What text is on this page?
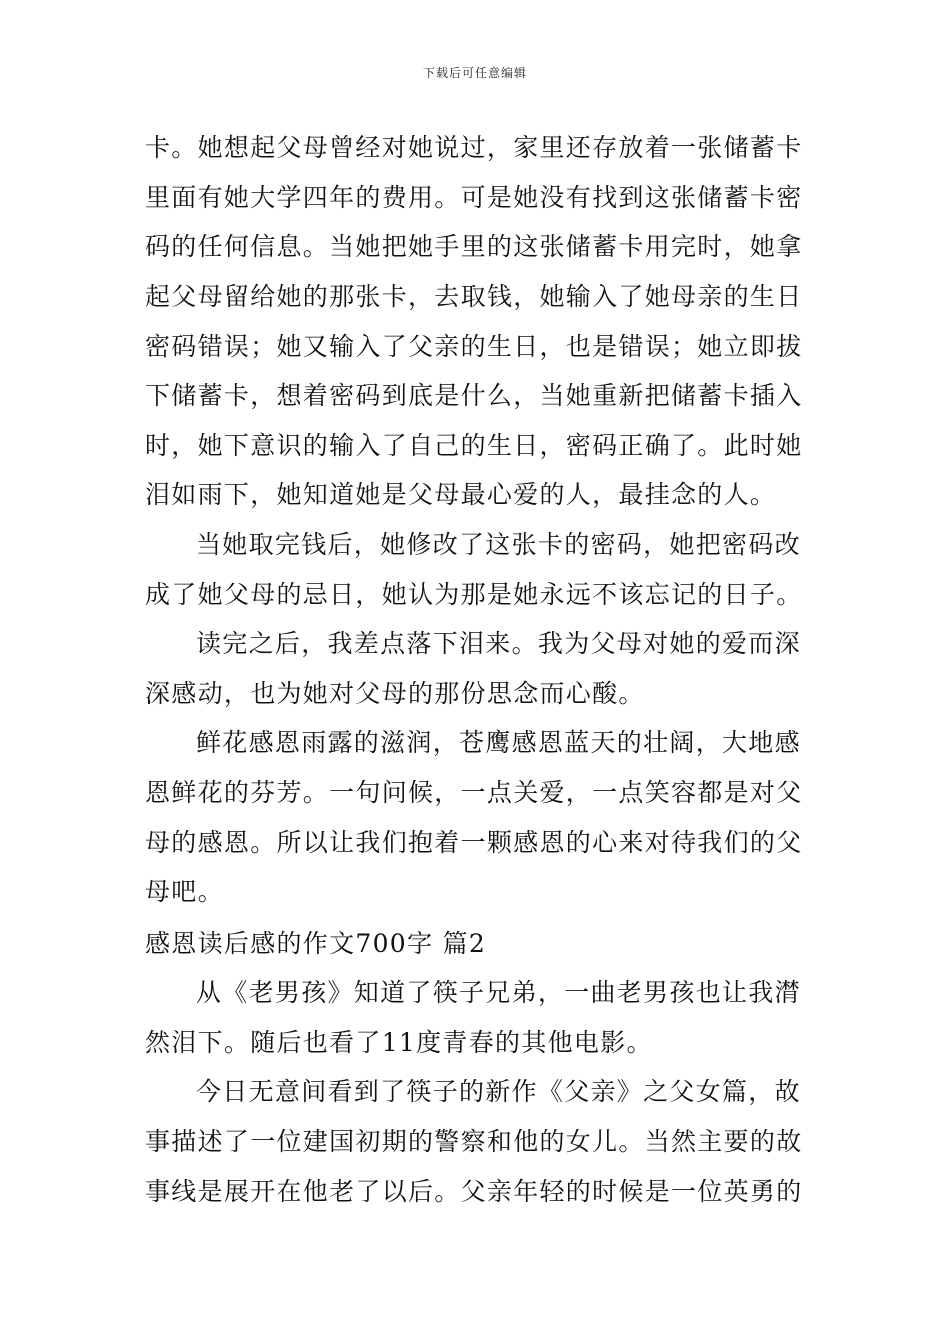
下载后可任意编辑
卡。她想起父母曾经对她说过，家里还存放着一张储蓄卡
里面有她大学四年的费用。可是她没有找到这张储蓄卡密
码的任何信息。当她把她手里的这张储蓄卡用完时，她拿
起父母留给她的那张卡，去取钱，她输入了她母亲的生日
密码错误；她又输入了父亲的生日，也是错误；她立即拔
下储蓄卡，想着密码到底是什么，当她重新把储蓄卡插入
时，她下意识的输入了自己的生日，密码正确了。此时她
泪如雨下，她知道她是父母最心爱的人，最挂念的人。
当她取完钱后，她修改了这张卡的密码，她把密码改
成了她父母的忌日，她认为那是她永远不该忘记的日子。
读完之后，我差点落下泪来。我为父母对她的爱而深
深感动，也为她对父母的那份思念而心酸。
鲜花感恩雨露的滋润，苍鹰感恩蓝天的壮阔，大地感
恩鲜花的芬芳。一句问候，一点关爱，一点笑容都是对父
母的感恩。所以让我们抱着一颗感恩的心来对待我们的父
母吧。
感恩读后感的作文700字 篇2
从《老男孩》知道了筷子兄弟，一曲老男孩也让我潸
然泪下。随后也看了11度青春的其他电影。
今日无意间看到了筷子的新作《父亲》之父女篇，故
事描述了一位建国初期的警察和他的女儿。当然主要的故
事线是展开在他老了以后。父亲年轻的时候是一位英勇的
